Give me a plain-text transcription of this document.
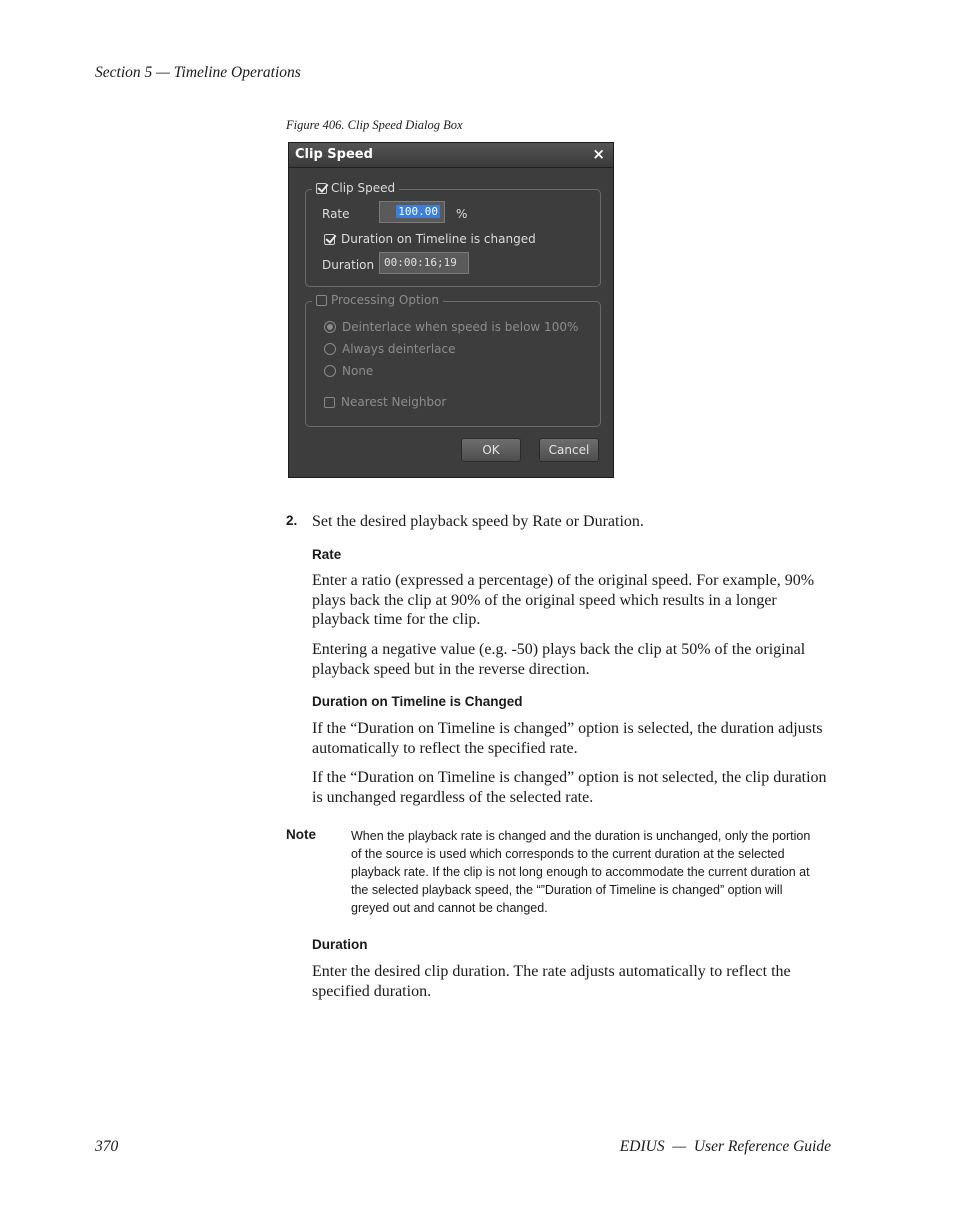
Section 5 — Timeline Operations
Figure 406. Clip Speed Dialog Box
Clip Speed	×
Clip Speed
Rate	100.00	%
Duration on Timeline is changed
Duration 00:00:16;19
Processing Option
Deinterlace when speed is below 100%
Always deinterlace
None
Nearest Neighbor
OK	Cancel
2. Set the desired playback speed by Rate or Duration.
Rate
Enter a ratio (expressed a percentage) of the original speed. For example, 90% plays back the clip at 90% of the original speed which results in a longer playback time for the clip.
Entering a negative value (e.g. -50) plays back the clip at 50% of the original playback speed but in the reverse direction.
Duration on Timeline is Changed
If the “Duration on Timeline is changed” option is selected, the duration adjusts automatically to reflect the specified rate.
If the “Duration on Timeline is changed” option is not selected, the clip duration is unchanged regardless of the selected rate.
Note	When the playback rate is changed and the duration is unchanged, only the portion of the source is used which corresponds to the current duration at the selected playback rate. If the clip is not long enough to accommodate the current duration at the selected playback speed, the “”Duration of Timeline is changed” option will greyed out and cannot be changed.
Duration
Enter the desired clip duration. The rate adjusts automatically to reflect the specified duration.
370	EDIUS  —  User Reference Guide
